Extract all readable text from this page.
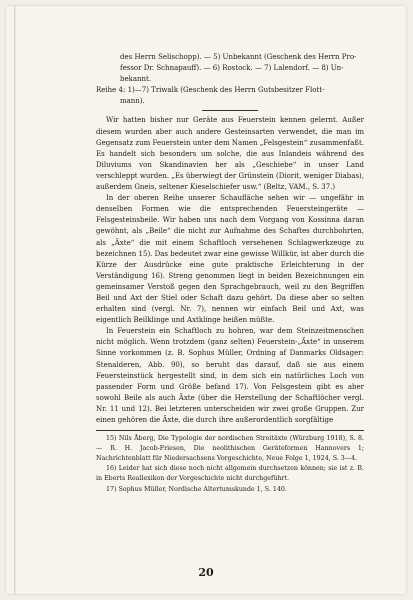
des Herrn Selischopp). — 5) Unbekannt (Geschenk des Herrn Pro-

fessor Dr. Schnapauff). — 6) Rostock. — 7) Lalendorf. — 8) Un-

bekannt.

Reihe 4: 1)—7) Triwalk (Geschenk des Herrn Gutsbesitzer Flott-

mann).

Wir hatten bisher nur Geräte aus Feuerstein kennen gelernt. Außer diesem wurden aber auch andere Gesteinsarten verwendet, die man im Gegensatz zum Feuerstein unter dem Namen „Felsgestein“ zusammenfaßt. Es handelt sich besonders um solche, die aus Inlandeis während des Diluviums von Skandinavien her als „Geschiebe“ in unser Land verschleppt wurden. „Es überwiegt der Grünstein (Diorit, weniger Diabas), außerdem Gneis, seltener Kieselschiefer usw.“ (Beltz, VAM., S. 37.)

In der oberen Reihe unserer Schaufläche sehen wir — ungefähr in denselben Formen wie die entsprechenden Feuersteingeräte — Felsgesteinsbeile. Wir haben uns nach dem Vorgang von Kossinna daran gewöhnt, als „Beile“ die nicht zur Aufnahme des Schaftes durchbohrten, als „Äxte“ die mit einem Schaftloch versehenen Schlagwerkzeuge zu bezeichnen 15). Das bedeutet zwar eine gewisse Willkür, ist aber durch die Kürze der Ausdrücke eine gute praktische Erleichterung in der Verständigung 16). Streng genommen liegt in beiden Bezeichnungen ein gemeinsamer Verstoß gegen den Sprachgebrauch, weil zu den Begriffen Beil und Axt der Stiel oder Schaft dazu gehört. Da diese aber so selten erhalten sind (vergl. Nr. 7), nennen wir einfach Beil und Axt, was eigentlich Beilklinge und Axtklinge heißen müßte.

In Feuerstein ein Schaftloch zu bohren, war dem Steinzeitmenschen nicht möglich. Wenn trotzdem (ganz selten) Feuerstein-„Äxte“ in unserem Sinne vorkommen (z. B. Sophus Müller, Ordning af Danmarks Oldsager: Stenalderen, Abb. 90), so beruht das darauf, daß sie aus einem Feuersteinstück hergestellt sind, in dem sich ein natürliches Loch von passender Form und Größe befand 17). Von Felsgestein gibt es aber sowohl Beile als auch Äxte (über die Herstellung der Schaftlöcher vergl. Nr. 11 und 12). Bei letzteren unterscheiden wir zwei große Gruppen. Zur einen gehören die Äxte, die durch ihre außerordentlich sorgfältige

15) Nils Åberg, Die Typologie der nordischen Streitäxte (Würzburg 1918), S. 8. — R. H. Jacob-Friesen, Die neolithischen Geräteformen Hannovers 1; Nachrichtenblatt für Niedersachsens Vorgeschichte, Neue Folge 1, 1924, S. 3—4.

16) Leider hat sich diese noch nicht allgemein durchsetzen können; sie ist z. B. in Eberts Reallexikon der Vorgeschichte nicht durchgeführt.

17) Sophus Müller, Nordische Altertumskunde 1, S. 140.

20
